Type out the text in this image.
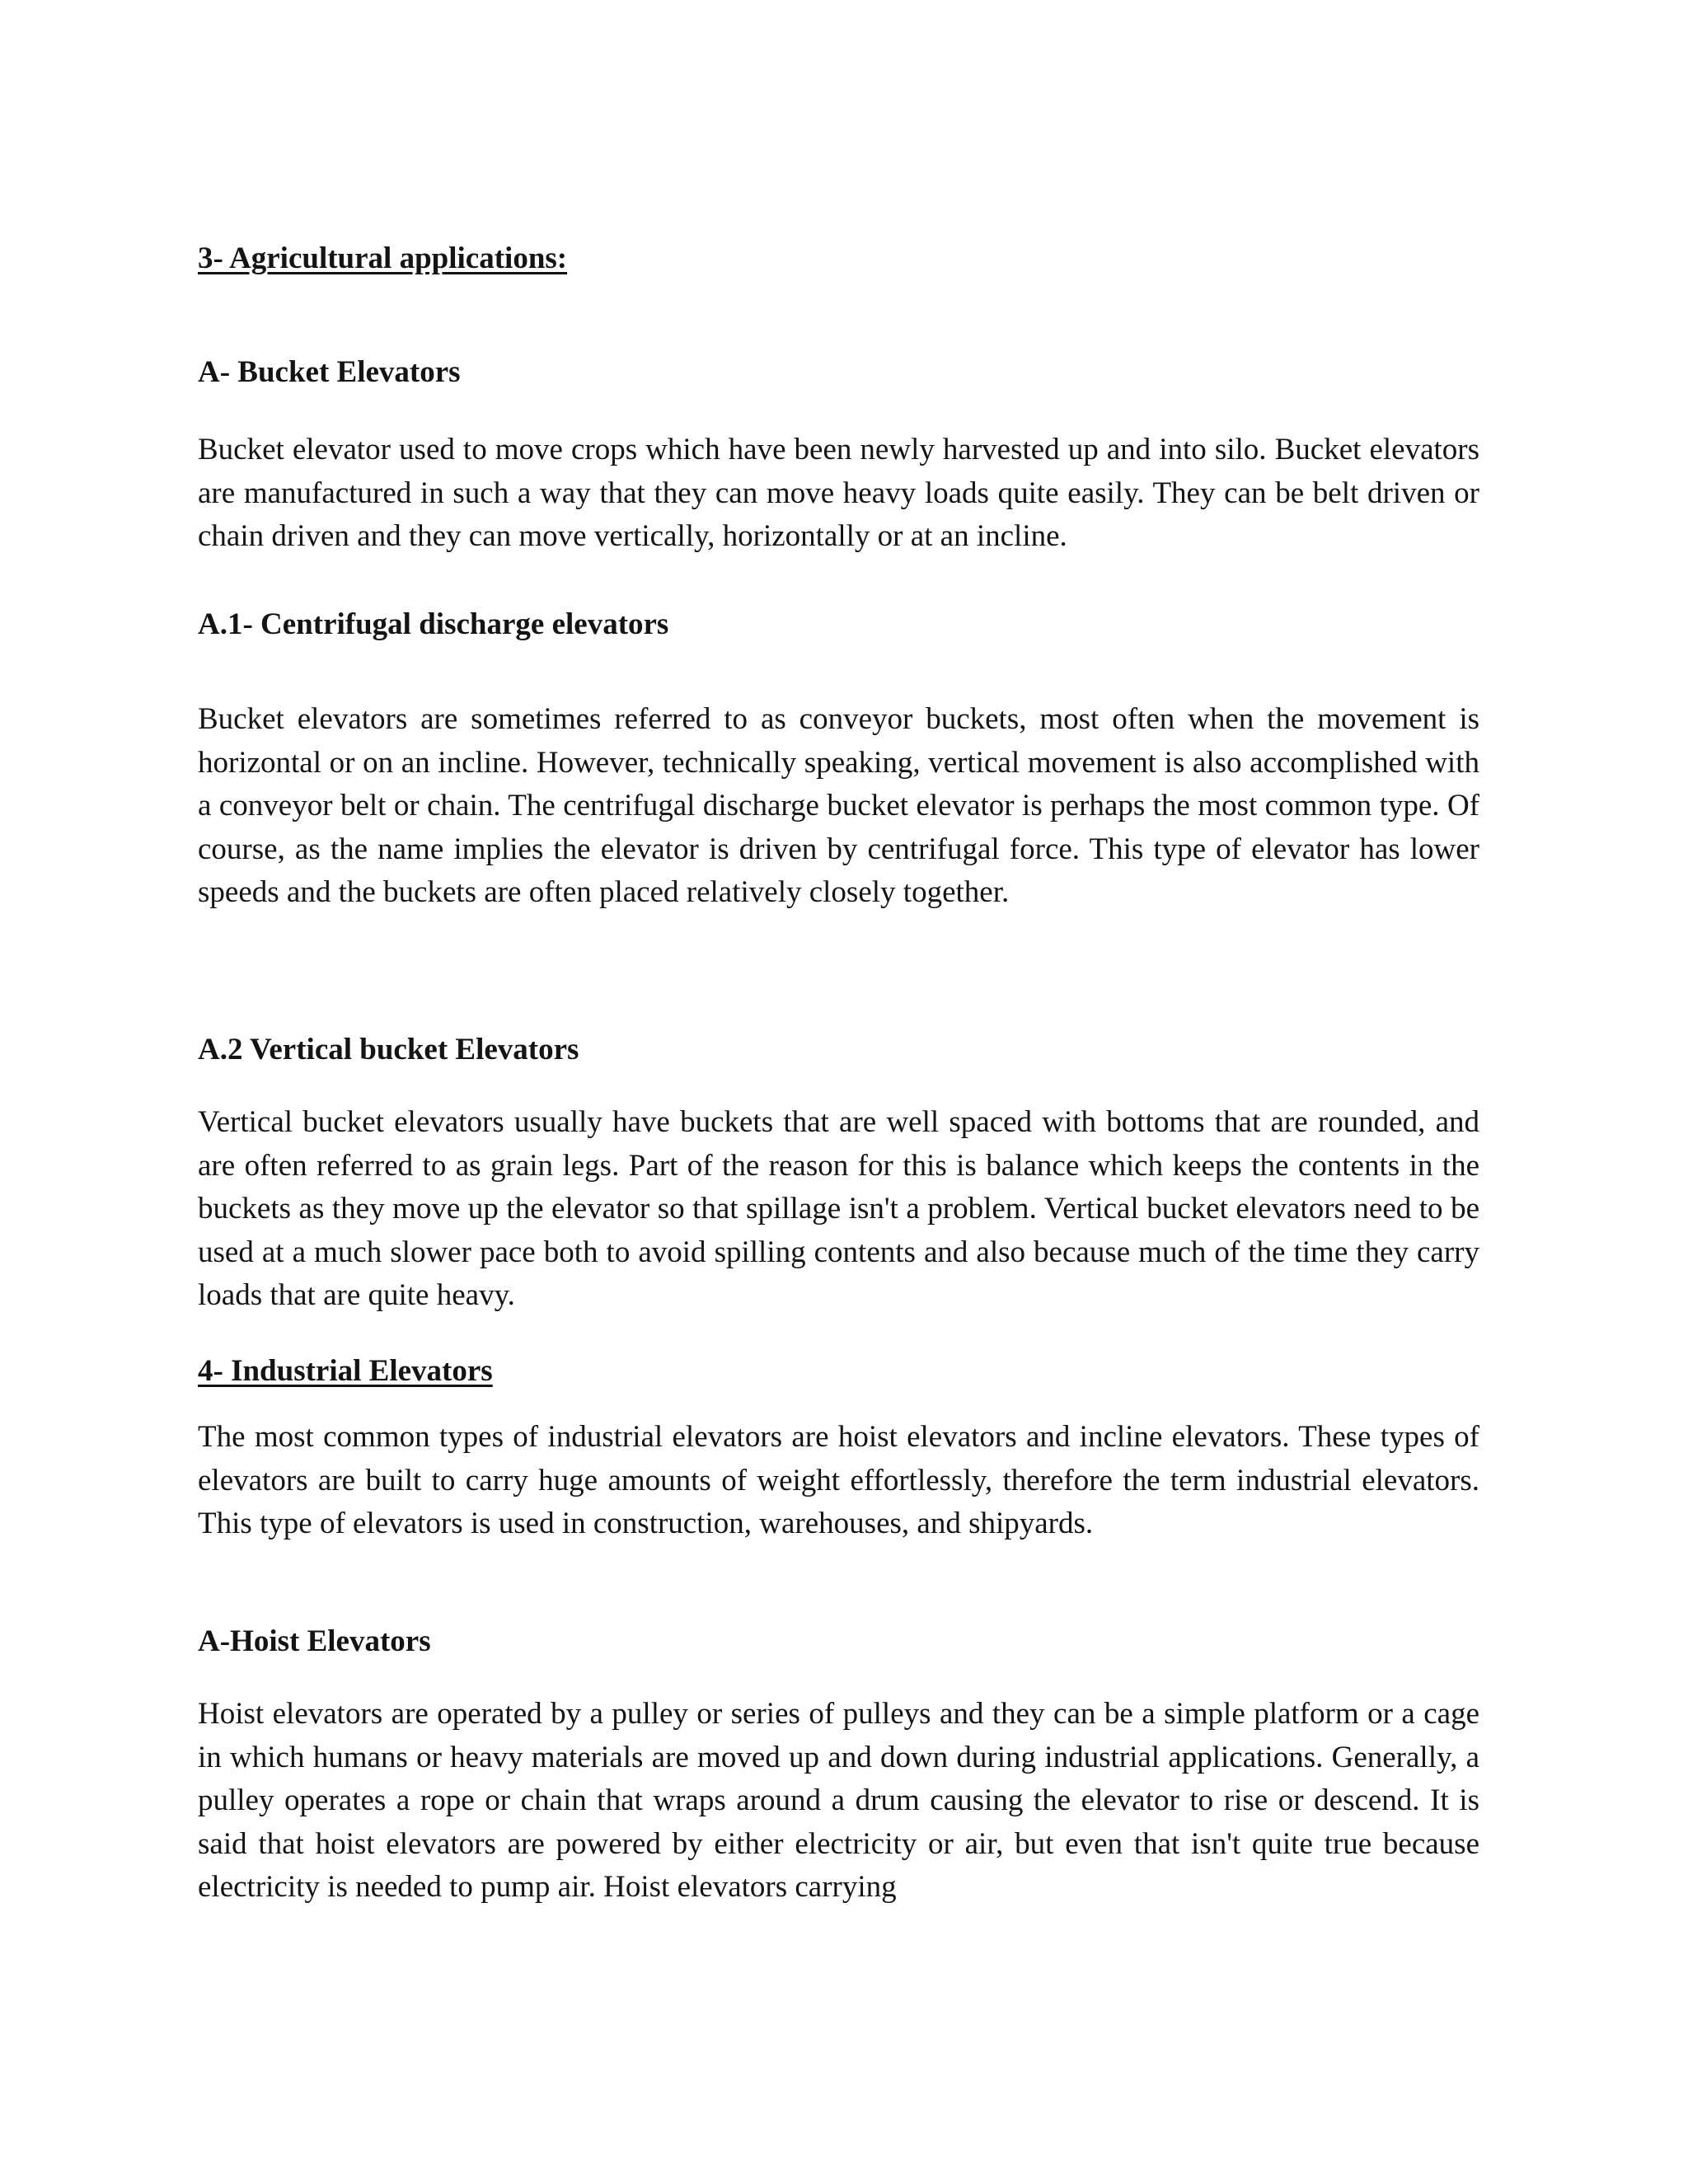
3- Agricultural applications:
A- Bucket Elevators

Bucket elevator used to move crops which have been newly harvested up and into silo. Bucket elevators are manufactured in such a way that they can move heavy loads quite easily. They can be belt driven or chain driven and they can move vertically, horizontally or at an incline.

A.1- Centrifugal discharge elevators

Bucket elevators are sometimes referred to as conveyor buckets, most often when the movement is horizontal or on an incline. However, technically speaking, vertical movement is also accomplished with a conveyor belt or chain. The centrifugal discharge bucket elevator is perhaps the most common type. Of course, as the name implies the elevator is driven by centrifugal force. This type of elevator has lower speeds and the buckets are often placed relatively closely together.

A.2 Vertical bucket Elevators

Vertical bucket elevators usually have buckets that are well spaced with bottoms that are rounded, and are often referred to as grain legs. Part of the reason for this is balance which keeps the contents in the buckets as they move up the elevator so that spillage isn't a problem. Vertical bucket elevators need to be used at a much slower pace both to avoid spilling contents and also because much of the time they carry loads that are quite heavy.

4- Industrial Elevators

The most common types of industrial elevators are hoist elevators and incline elevators. These types of elevators are built to carry huge amounts of weight effortlessly, therefore the term industrial elevators. This type of elevators is used in construction, warehouses, and shipyards.

A-Hoist Elevators

Hoist elevators are operated by a pulley or series of pulleys and they can be a simple platform or a cage in which humans or heavy materials are moved up and down during industrial applications. Generally, a pulley operates a rope or chain that wraps around a drum causing the elevator to rise or descend. It is said that hoist elevators are powered by either electricity or air, but even that isn't quite true because electricity is needed to pump air. Hoist elevators carrying
